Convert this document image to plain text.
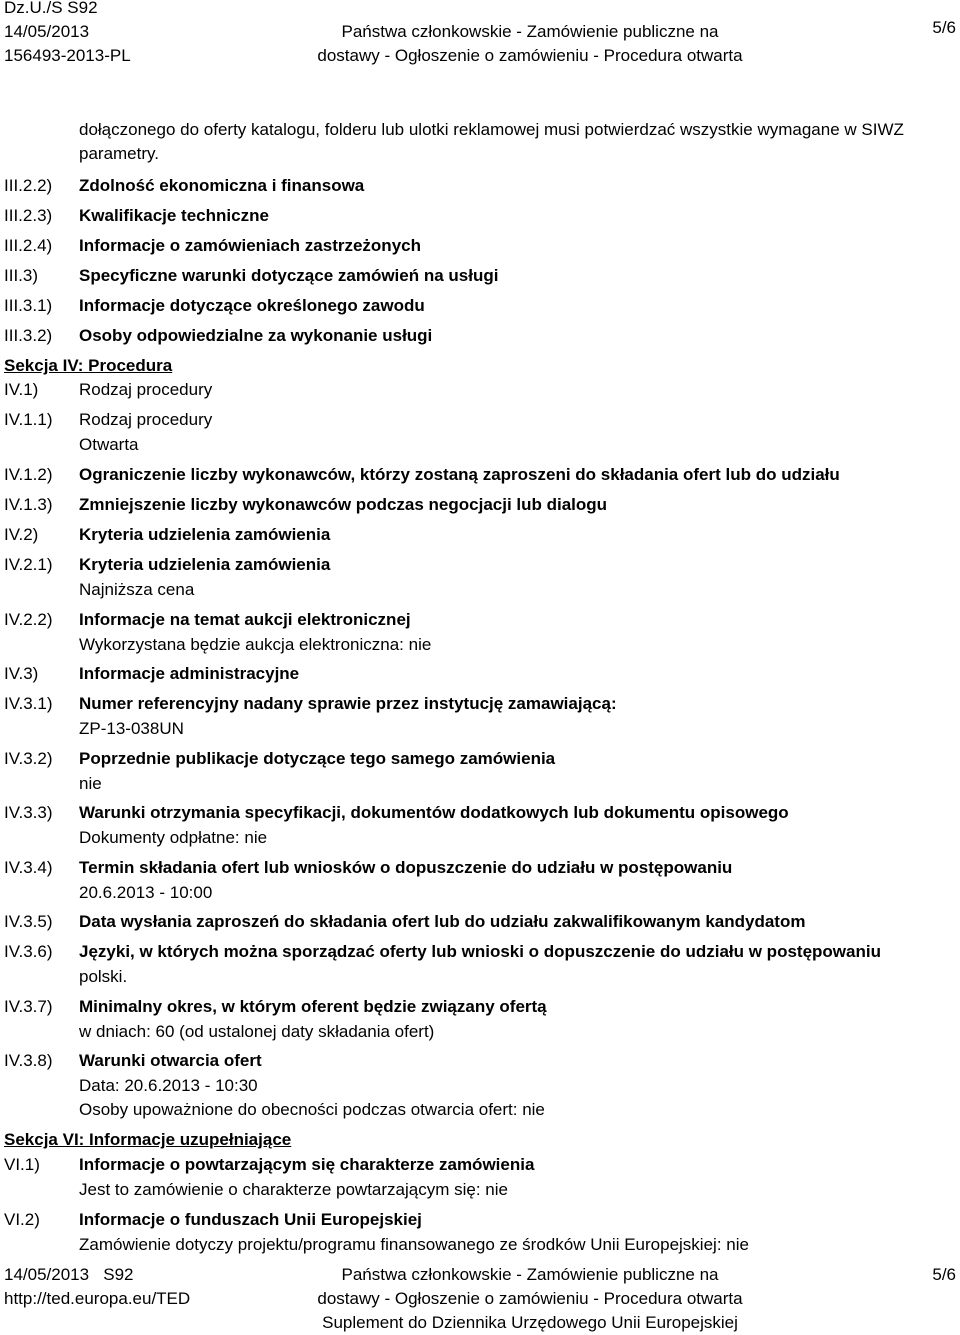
Dz.U./S S92
14/05/2013
156493-2013-PL
Państwa członkowskie - Zamówienie publiczne na
dostawy - Ogłoszenie o zamówieniu - Procedura otwarta
5/6
dołączonego do oferty katalogu, folderu lub ulotki reklamowej musi potwierdzać wszystkie wymagane w SIWZ
parametry.
III.2.2) Zdolność ekonomiczna i finansowa
III.2.3) Kwalifikacje techniczne
III.2.4) Informacje o zamówieniach zastrzeżonych
III.3) Specyficzne warunki dotyczące zamówień na usługi
III.3.1) Informacje dotyczące określonego zawodu
III.3.2) Osoby odpowiedzialne za wykonanie usługi
Sekcja IV: Procedura
IV.1) Rodzaj procedury
IV.1.1) Rodzaj procedury
Otwarta
IV.1.2) Ograniczenie liczby wykonawców, którzy zostaną zaproszeni do składania ofert lub do udziału
IV.1.3) Zmniejszenie liczby wykonawców podczas negocjacji lub dialogu
IV.2) Kryteria udzielenia zamówienia
IV.2.1) Kryteria udzielenia zamówienia
Najniższa cena
IV.2.2) Informacje na temat aukcji elektronicznej
Wykorzystana będzie aukcja elektroniczna: nie
IV.3) Informacje administracyjne
IV.3.1) Numer referencyjny nadany sprawie przez instytucję zamawiającą:
ZP-13-038UN
IV.3.2) Poprzednie publikacje dotyczące tego samego zamówienia
nie
IV.3.3) Warunki otrzymania specyfikacji, dokumentów dodatkowych lub dokumentu opisowego
Dokumenty odpłatne: nie
IV.3.4) Termin składania ofert lub wniosków o dopuszczenie do udziału w postępowaniu
20.6.2013 - 10:00
IV.3.5) Data wysłania zaproszeń do składania ofert lub do udziału zakwalifikowanym kandydatom
IV.3.6) Języki, w których można sporządzać oferty lub wnioski o dopuszczenie do udziału w postępowaniu
polski.
IV.3.7) Minimalny okres, w którym oferent będzie związany ofertą
w dniach: 60 (od ustalonej daty składania ofert)
IV.3.8) Warunki otwarcia ofert
Data: 20.6.2013 - 10:30
Osoby upoważnione do obecności podczas otwarcia ofert: nie
Sekcja VI: Informacje uzupełniające
VI.1) Informacje o powtarzającym się charakterze zamówienia
Jest to zamówienie o charakterze powtarzającym się: nie
VI.2) Informacje o funduszach Unii Europejskiej
Zamówienie dotyczy projektu/programu finansowanego ze środków Unii Europejskiej: nie
14/05/2013   S92
http://ted.europa.eu/TED
Państwa członkowskie - Zamówienie publiczne na
dostawy - Ogłoszenie o zamówieniu - Procedura otwarta
Suplement do Dziennika Urzędowego Unii Europejskiej
5/6
